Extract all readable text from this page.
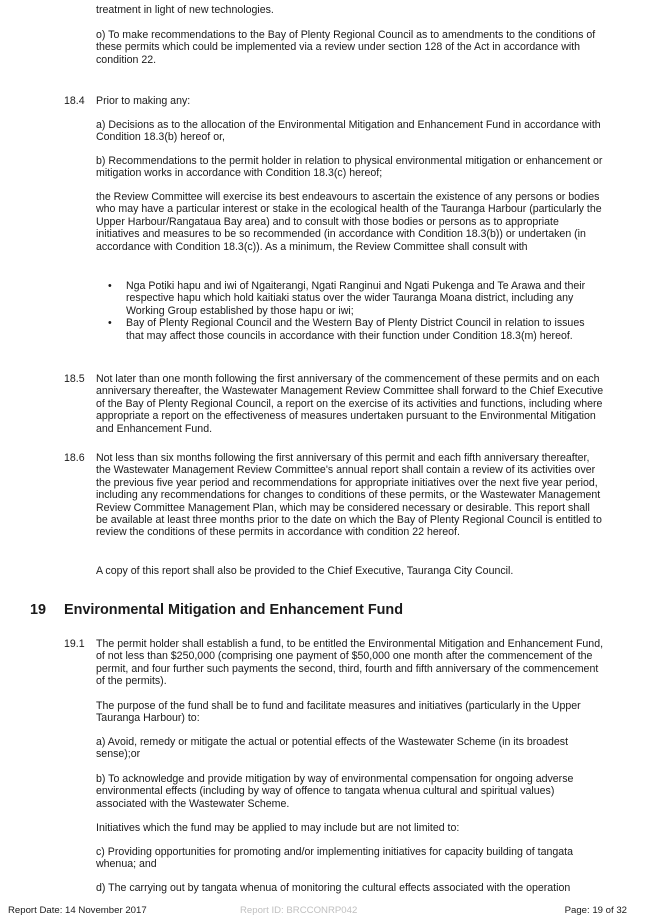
treatment in light of new technologies.

o) To make recommendations to the Bay of Plenty Regional Council as to amendments to the conditions of these permits which could be implemented via a review under section 128 of the Act in accordance with condition 22.

18.4 Prior to making any:

a) Decisions as to the allocation of the Environmental Mitigation and Enhancement Fund in accordance with Condition 18.3(b) hereof or,

b) Recommendations to the permit holder in relation to physical environmental mitigation or enhancement or mitigation works in accordance with Condition 18.3(c) hereof;

the Review Committee will exercise its best endeavours to ascertain the existence of any persons or bodies who may have a particular interest or stake in the ecological health of the Tauranga Harbour (particularly the Upper Harbour/Rangataua Bay area) and to consult with those bodies or persons as to appropriate initiatives and measures to be so recommended (in accordance with Condition 18.3(b)) or undertaken (in accordance with Condition 18.3(c)). As a minimum, the Review Committee shall consult with

• Nga Potiki hapu and iwi of Ngaiterangi, Ngati Ranginui and Ngati Pukenga and Te Arawa and their respective hapu which hold kaitiaki status over the wider Tauranga Moana district, including any Working Group established by those hapu or iwi;
• Bay of Plenty Regional Council and the Western Bay of Plenty District Council in relation to issues that may affect those councils in accordance with their function under Condition 18.3(m) hereof.

18.5 Not later than one month following the first anniversary of the commencement of these permits and on each anniversary thereafter, the Wastewater Management Review Committee shall forward to the Chief Executive of the Bay of Plenty Regional Council, a report on the exercise of its activities and functions, including where appropriate a report on the effectiveness of measures undertaken pursuant to the Environmental Mitigation and Enhancement Fund.

18.6 Not less than six months following the first anniversary of this permit and each fifth anniversary thereafter, the Wastewater Management Review Committee's annual report shall contain a review of its activities over the previous five year period and recommendations for appropriate initiatives over the next five year period, including any recommendations for changes to conditions of these permits, or the Wastewater Management Review Committee Management Plan, which may be considered necessary or desirable. This report shall be available at least three months prior to the date on which the Bay of Plenty Regional Council is entitled to review the conditions of these permits in accordance with condition 22 hereof.

A copy of this report shall also be provided to the Chief Executive, Tauranga City Council.

19 Environmental Mitigation and Enhancement Fund

19.1 The permit holder shall establish a fund, to be entitled the Environmental Mitigation and Enhancement Fund, of not less than $250,000 (comprising one payment of $50,000 one month after the commencement of the permit, and four further such payments the second, third, fourth and fifth anniversary of the commencement of the permits).

The purpose of the fund shall be to fund and facilitate measures and initiatives (particularly in the Upper Tauranga Harbour) to:

a) Avoid, remedy or mitigate the actual or potential effects of the Wastewater Scheme (in its broadest sense);or

b) To acknowledge and provide mitigation by way of environmental compensation for ongoing adverse environmental effects (including by way of offence to tangata whenua cultural and spiritual values) associated with the Wastewater Scheme.

Initiatives which the fund may be applied to may include but are not limited to:

c) Providing opportunities for promoting and/or implementing initiatives for capacity building of tangata whenua; and

d) The carrying out by tangata whenua of monitoring the cultural effects associated with the operation

Report Date: 14 November 2017	Report ID: BRCCONRP042	Page: 19 of 32
